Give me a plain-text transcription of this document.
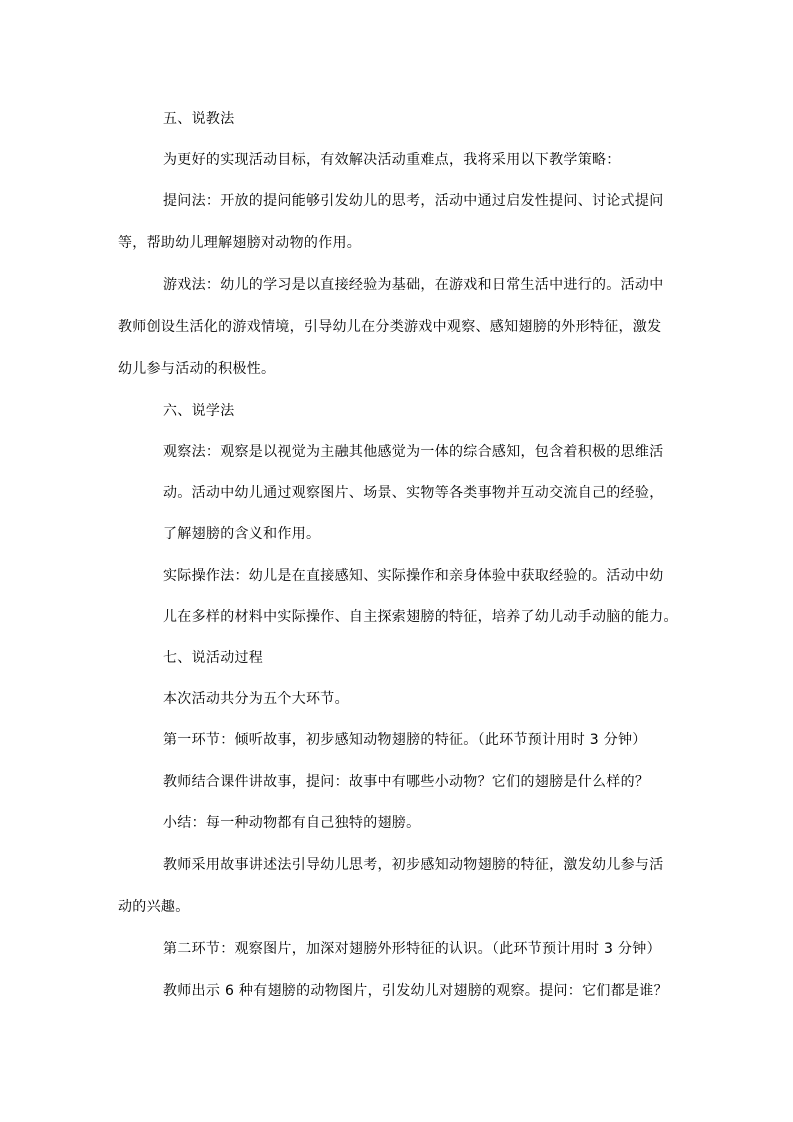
五、说教法
为更好的实现活动目标，有效解决活动重难点，我将采用以下教学策略：
提问法：开放的提问能够引发幼儿的思考，活动中通过启发性提问、讨论式提问
等，帮助幼儿理解翅膀对动物的作用。
游戏法：幼儿的学习是以直接经验为基础，在游戏和日常生活中进行的。活动中
教师创设生活化的游戏情境，引导幼儿在分类游戏中观察、感知翅膀的外形特征，激发
幼儿参与活动的积极性。
六、说学法
观察法：观察是以视觉为主融其他感觉为一体的综合感知，包含着积极的思维活
动。活动中幼儿通过观察图片、场景、实物等各类事物并互动交流自己的经验，
了解翅膀的含义和作用。
实际操作法：幼儿是在直接感知、实际操作和亲身体验中获取经验的。活动中幼
儿在多样的材料中实际操作、自主探索翅膀的特征，培养了幼儿动手动脑的能力。
七、说活动过程
本次活动共分为五个大环节。
第一环节：倾听故事，初步感知动物翅膀的特征。（此环节预计用时 3 分钟）
教师结合课件讲故事，提问：故事中有哪些小动物？它们的翅膀是什么样的？
小结：每一种动物都有自己独特的翅膀。
教师采用故事讲述法引导幼儿思考，初步感知动物翅膀的特征，激发幼儿参与活
动的兴趣。
第二环节：观察图片，加深对翅膀外形特征的认识。（此环节预计用时 3 分钟）
教师出示 6 种有翅膀的动物图片，引发幼儿对翅膀的观察。提问：它们都是谁？
